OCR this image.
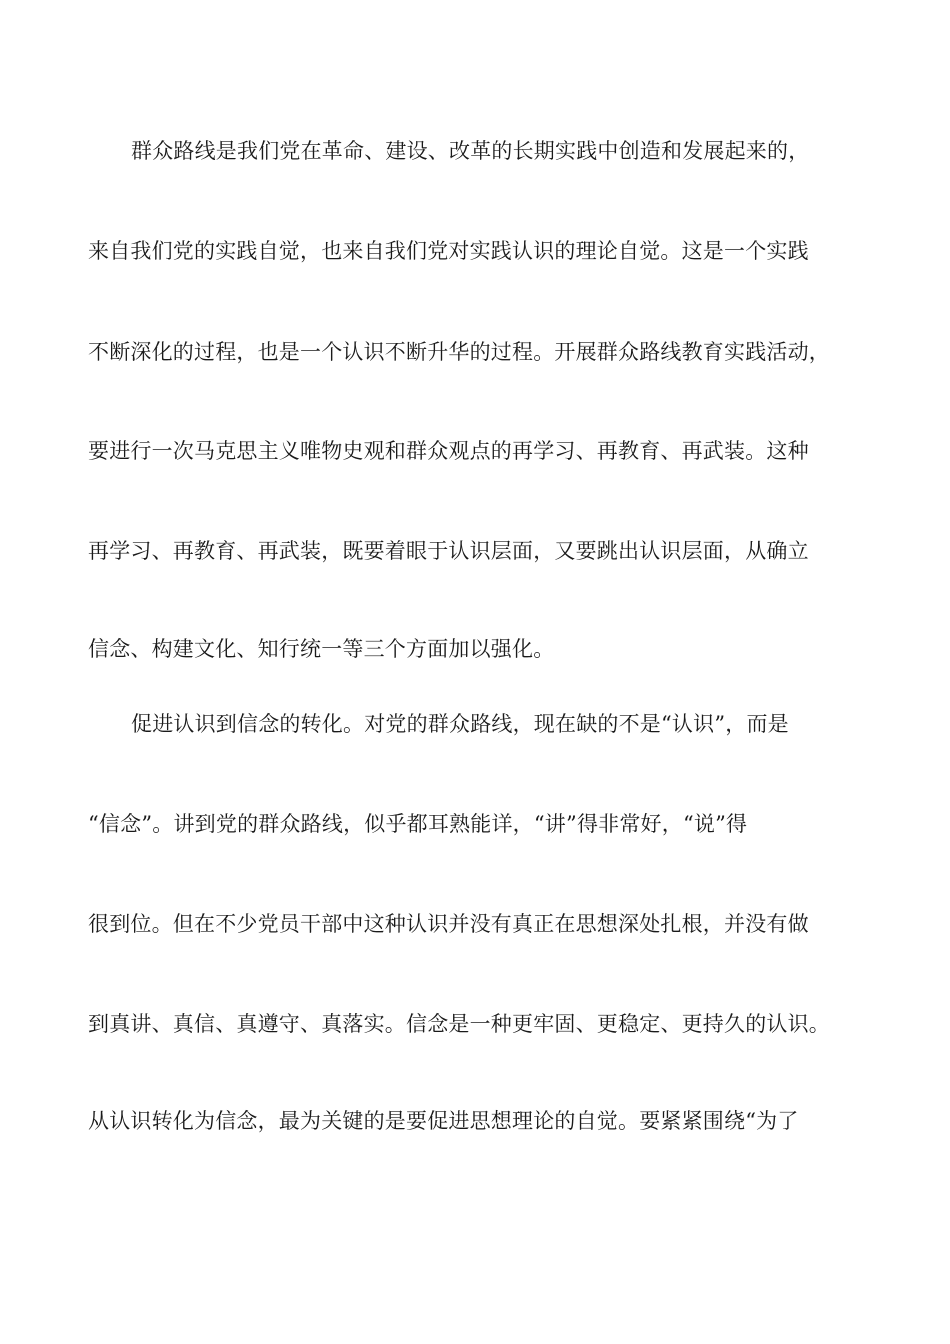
群众路线是我们党在革命、建设、改革的长期实践中创造和发展起来的，
来自我们党的实践自觉，也来自我们党对实践认识的理论自觉。这是一个实践
不断深化的过程，也是一个认识不断升华的过程。开展群众路线教育实践活动，
要进行一次马克思主义唯物史观和群众观点的再学习、再教育、再武装。这种
再学习、再教育、再武装，既要着眼于认识层面，又要跳出认识层面，从确立
信念、构建文化、知行统一等三个方面加以强化。
促进认识到信念的转化。对党的群众路线，现在缺的不是“认识”，而是
“信念”。讲到党的群众路线，似乎都耳熟能详，“讲”得非常好，“说”得
很到位。但在不少党员干部中这种认识并没有真正在思想深处扎根，并没有做
到真讲、真信、真遵守、真落实。信念是一种更牢固、更稳定、更持久的认识。
从认识转化为信念，最为关键的是要促进思想理论的自觉。要紧紧围绕“为了
